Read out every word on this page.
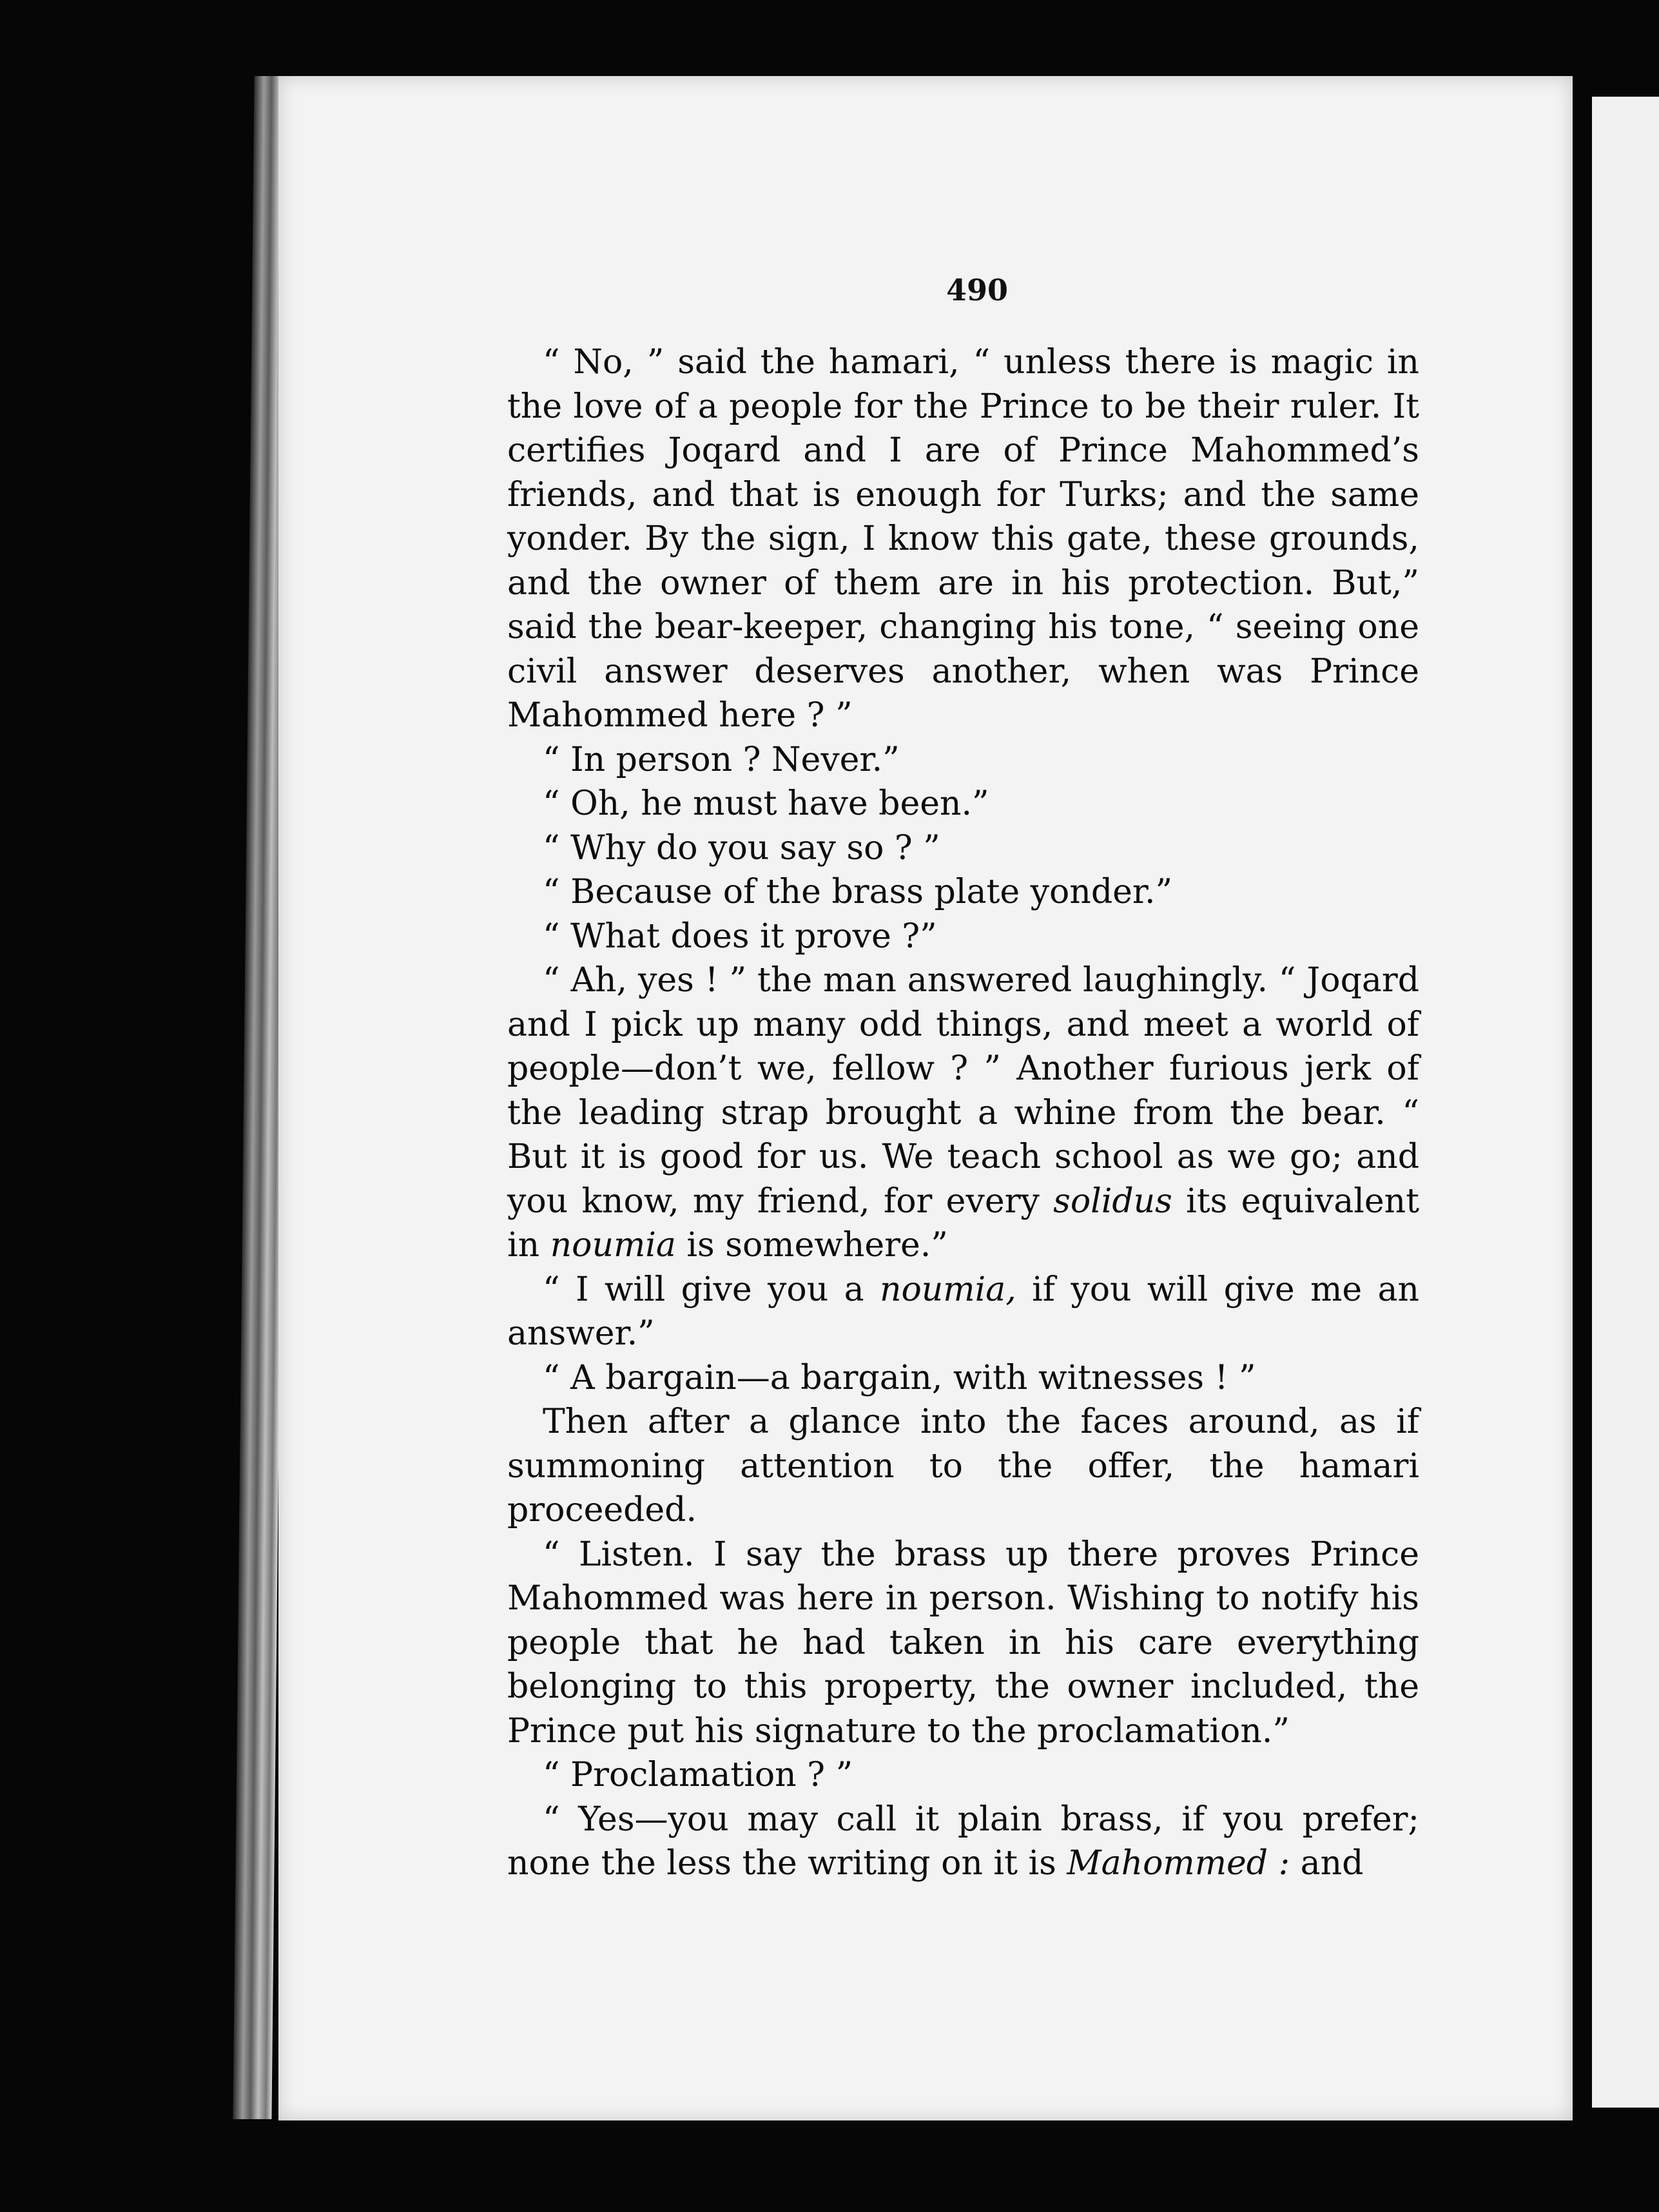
490

“ No, ” said the hamari, “ unless there is magic in the love of a people for the Prince to be their ruler. It certifies Joqard and I are of Prince Mahommed’s friends, and that is enough for Turks; and the same yonder. By the sign, I know this gate, these grounds, and the owner of them are in his protection. But,” said the bear-keeper, changing his tone, “ seeing one civil answer deserves another, when was Prince Mahommed here ? ”

“ In person ? Never.”

“ Oh, he must have been.”

“ Why do you say so ? ”

“ Because of the brass plate yonder.”

“ What does it prove ?”

“ Ah, yes ! ” the man answered laughingly. “ Joqard and I pick up many odd things, and meet a world of people—don’t we, fellow ? ” Another furious jerk of the leading strap brought a whine from the bear. “ But it is good for us. We teach school as we go; and you know, my friend, for every solidus its equivalent in noumia is somewhere.”

“ I will give you a noumia, if you will give me an answer.”

“ A bargain—a bargain, with witnesses ! ”

Then after a glance into the faces around, as if summoning attention to the offer, the hamari proceeded.

“ Listen. I say the brass up there proves Prince Mahommed was here in person. Wishing to notify his people that he had taken in his care everything belonging to this property, the owner included, the Prince put his signature to the proclamation.”

“ Proclamation ? ”

“ Yes—you may call it plain brass, if you prefer; none the less the writing on it is Mahommed : and
